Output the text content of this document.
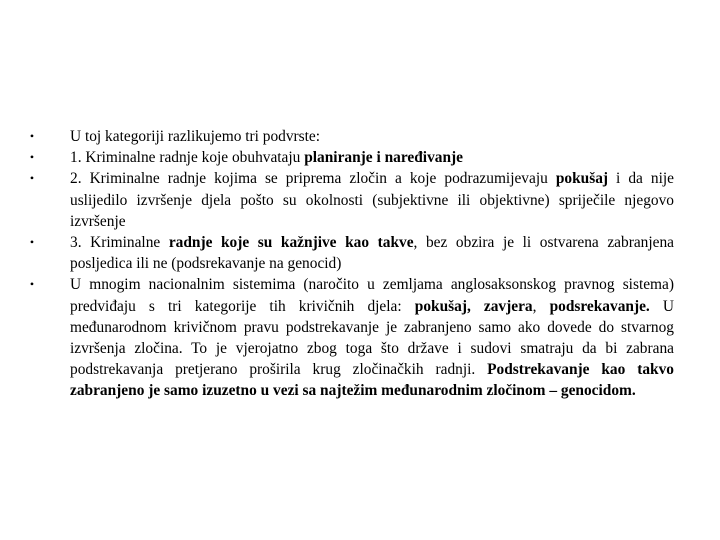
• U toj kategoriji razlikujemo tri podvrste:
• 1. Kriminalne radnje koje obuhvataju planiranje i naređivanje
• 2. Kriminalne radnje kojima se priprema zločin a koje podrazumijevaju pokušaj i da nije uslijedilo izvršenje djela pošto su okolnosti (subjektivne ili objektivne) spriječile njegovo izvršenje
• 3. Kriminalne radnje koje su kažnjive kao takve, bez obzira je li ostvarena zabranjena posljedica ili ne (podsrekavanje na genocid)
• U mnogim nacionalnim sistemima (naročito u zemljama anglosaksonskog pravnog sistema) predviđaju s tri kategorije tih krivičnih djela: pokušaj, zavjera, podsrekavanje. U međunarodnom krivičnom pravu podstrekavanje je zabranjeno samo ako dovede do stvarnog izvršenja zločina. To je vjerojatno zbog toga što države i sudovi smatraju da bi zabrana podstrekavanja pretjerano proširila krug zločinačkih radnji. Podstrekavanje kao takvo zabranjeno je samo izuzetno u vezi sa najtežim međunarodnim zločinom – genocidom.
